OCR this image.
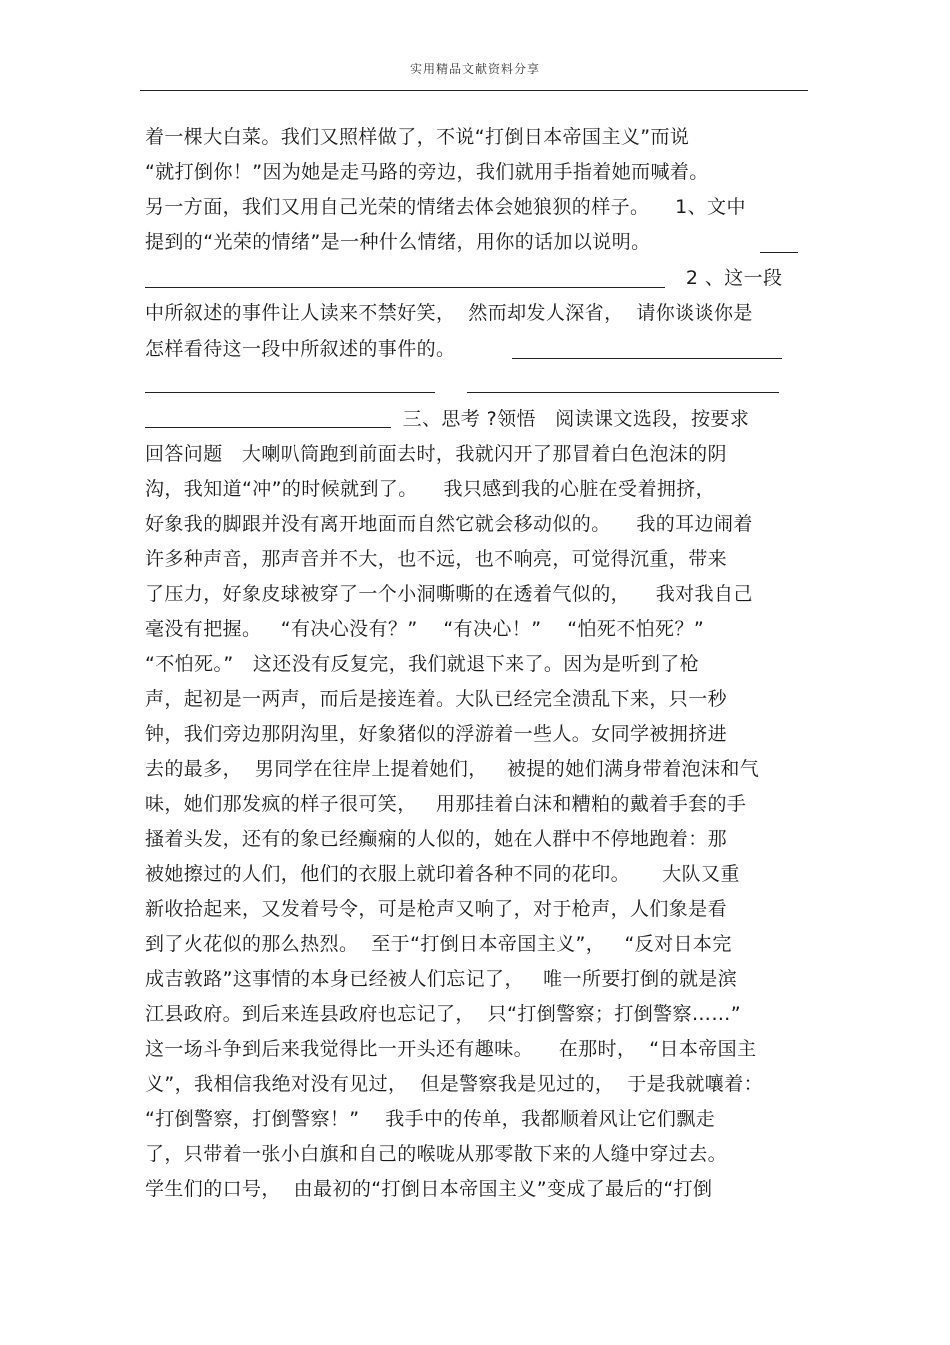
实用精品文献资料分享
着一棵大白菜。我们又照样做了，不说“打倒日本帝国主义”而说
“就打倒你！”因为她是走马路的旁边，我们就用手指着她而喊着。
另一方面，我们又用自己光荣的情绪去体会她狼狈的样子。    1、文中
提到的“光荣的情绪”是一种什么情绪，用你的话加以说明。
2 、这一段
中所叙述的事件让人读来不禁好笑，  然而却发人深省，  请你谈谈你是
怎样看待这一段中所叙述的事件的。
三、思考 ?领悟   阅读课文选段，按要求
回答问题   大喇叭筒跑到前面去时，我就闪开了那冒着白色泡沫的阴
沟，我知道“冲”的时候就到了。    我只感到我的心脏在受着拥挤，
好象我的脚跟并没有离开地面而自然它就会移动似的。    我的耳边闹着
许多种声音，那声音并不大，也不远，也不响亮，可觉得沉重，带来
了压力，好象皮球被穿了一个小洞嘶嘶的在透着气似的，    我对我自己
毫没有把握。   “有决心没有？”    “有决心！”    “怕死不怕死？”
“不怕死。”   这还没有反复完，我们就退下来了。因为是听到了枪
声，起初是一两声，而后是接连着。大队已经完全溃乱下来，只一秒
钟，我们旁边那阴沟里，好象猪似的浮游着一些人。女同学被拥挤进
去的最多，  男同学在往岸上提着她们，   被提的她们满身带着泡沫和气
味，她们那发疯的样子很可笑，   用那挂着白沫和糟粕的戴着手套的手
搔着头发，还有的象已经癫痫的人似的，她在人群中不停地跑着：那
被她擦过的人们，他们的衣服上就印着各种不同的花印。     大队又重
新收拾起来，又发着号令，可是枪声又响了，对于枪声，人们象是看
到了火花似的那么热烈。  至于“打倒日本帝国主义”，   “反对日本完
成吉敦路”这事情的本身已经被人们忘记了，   唯一所要打倒的就是滨
江县政府。到后来连县政府也忘记了，  只“打倒警察；打倒警察……”
这一场斗争到后来我觉得比一开头还有趣味。    在那时，  “日本帝国主
义”，我相信我绝对没有见过，  但是警察我是见过的，  于是我就嚷着：
“打倒警察，打倒警察！”    我手中的传单，我都顺着风让它们飘走
了，只带着一张小白旗和自己的喉咙从那零散下来的人缝中穿过去。
学生们的口号，  由最初的“打倒日本帝国主义”变成了最后的“打倒
